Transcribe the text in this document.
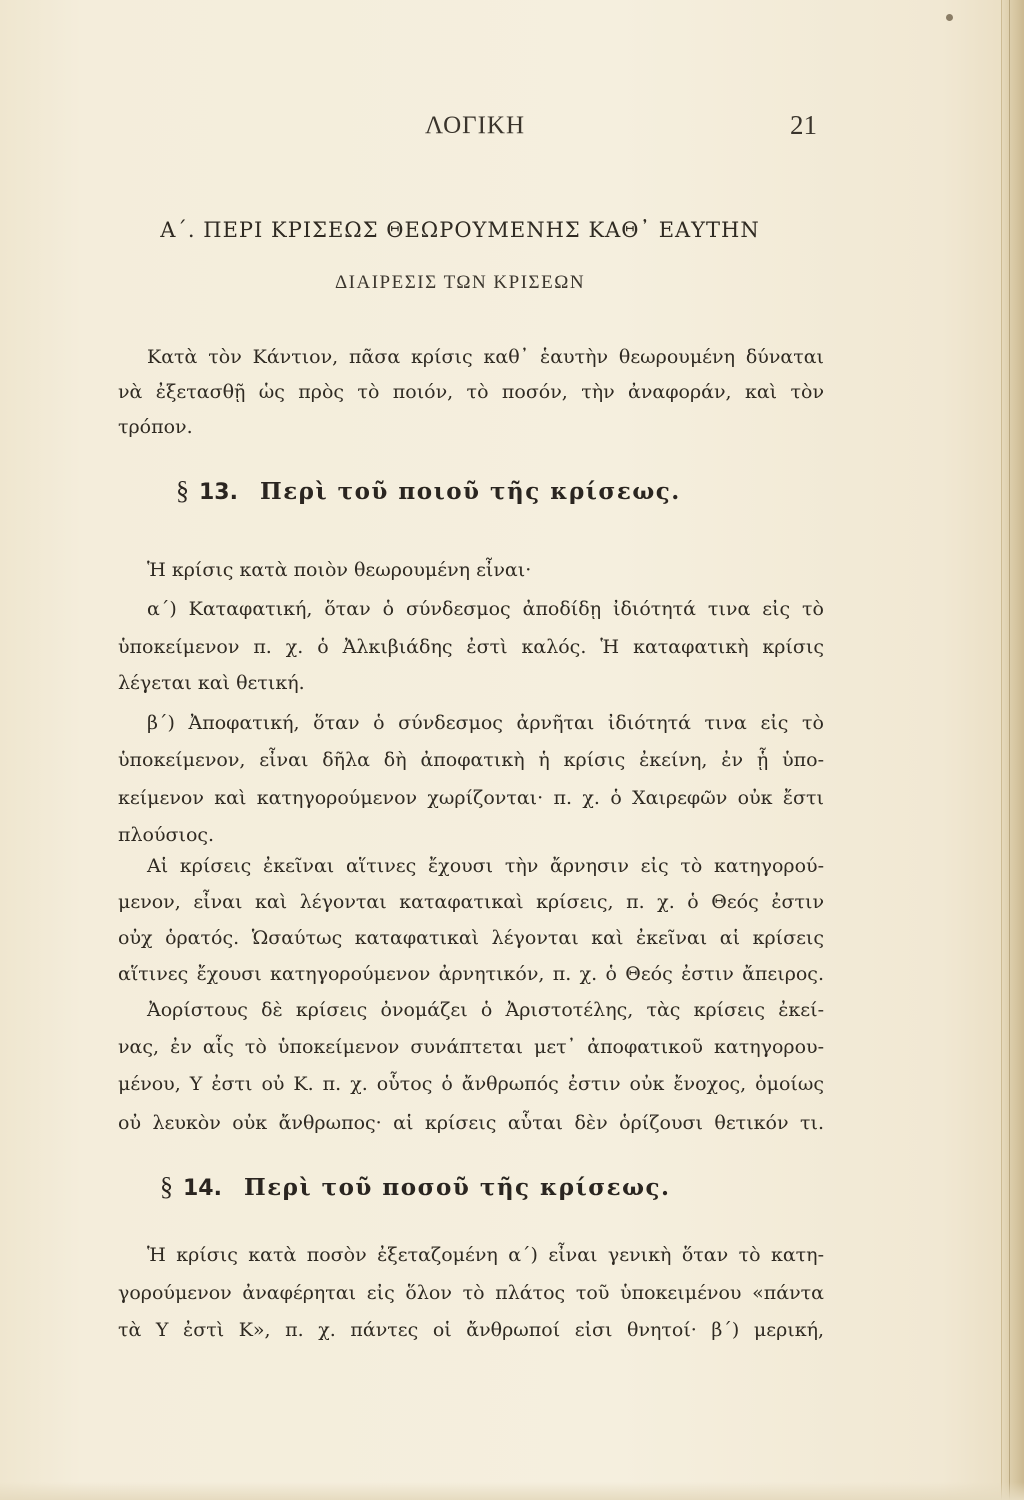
ΛΟΓΙΚΗ	21
Α΄. ΠΕΡΙ ΚΡΙΣΕΩΣ ΘΕΩΡΟΥΜΕΝΗΣ ΚΑΘ᾽ ΕΑΥΤΗΝ
ΔΙΑΙΡΕΣΙΣ ΤΩΝ ΚΡΙΣΕΩΝ
Κατὰ τὸν Κάντιον, πᾶσα κρίσις καθ᾽ ἑαυτὴν θεωρουμένη δύναται
νὰ ἐξετασθῇ ὡς πρὸς τὸ ποιόν, τὸ ποσόν, τὴν ἀναφοράν, καὶ τὸν
τρόπον.
§ 13. Περὶ τοῦ ποιοῦ τῆς κρίσεως.
Ἡ κρίσις κατὰ ποιὸν θεωρουμένη εἶναι·
α΄) Καταφατική, ὅταν ὁ σύνδεσμος ἀποδίδῃ ἰδιότητά τινα εἰς τὸ
ὑποκείμενον π. χ. ὁ Ἀλκιβιάδης ἐστὶ καλός. Ἡ καταφατικὴ κρίσις
λέγεται καὶ θετική.
β΄) Ἀποφατική, ὅταν ὁ σύνδεσμος ἀρνῆται ἰδιότητά τινα εἰς τὸ
ὑποκείμενον, εἶναι δῆλα δὴ ἀποφατικὴ ἡ κρίσις ἐκείνη, ἐν ᾗ ὑπο-
κείμενον καὶ κατηγορούμενον χωρίζονται· π. χ. ὁ Χαιρεφῶν οὐκ ἔστι
πλούσιος.
Αἱ κρίσεις ἐκεῖναι αἵτινες ἔχουσι τὴν ἄρνησιν εἰς τὸ κατηγορού-
μενον, εἶναι καὶ λέγονται καταφατικαὶ κρίσεις, π. χ. ὁ Θεός ἐστιν
οὐχ ὁρατός. Ὡσαύτως καταφατικαὶ λέγονται καὶ ἐκεῖναι αἱ κρίσεις
αἵτινες ἔχουσι κατηγορούμενον ἀρνητικόν, π. χ. ὁ Θεός ἐστιν ἄπειρος.
Ἀορίστους δὲ κρίσεις ὀνομάζει ὁ Ἀριστοτέλης, τὰς κρίσεις ἐκεί-
νας, ἐν αἷς τὸ ὑποκείμενον συνάπτεται μετ᾽ ἀποφατικοῦ κατηγορου-
μένου, Υ ἐστι οὐ Κ. π. χ. οὗτος ὁ ἄνθρωπός ἐστιν οὐκ ἔνοχος, ὁμοίως
οὐ λευκὸν οὐκ ἄνθρωπος· αἱ κρίσεις αὗται δὲν ὁρίζουσι θετικόν τι.
§ 14. Περὶ τοῦ ποσοῦ τῆς κρίσεως.
Ἡ κρίσις κατὰ ποσὸν ἐξεταζομένη α΄) εἶναι γενικὴ ὅταν τὸ κατη-
γορούμενον ἀναφέρηται εἰς ὅλον τὸ πλάτος τοῦ ὑποκειμένου «πάντα
τὰ Υ ἐστὶ Κ», π. χ. πάντες οἱ ἄνθρωποί εἰσι θνητοί· β΄) μερική,
